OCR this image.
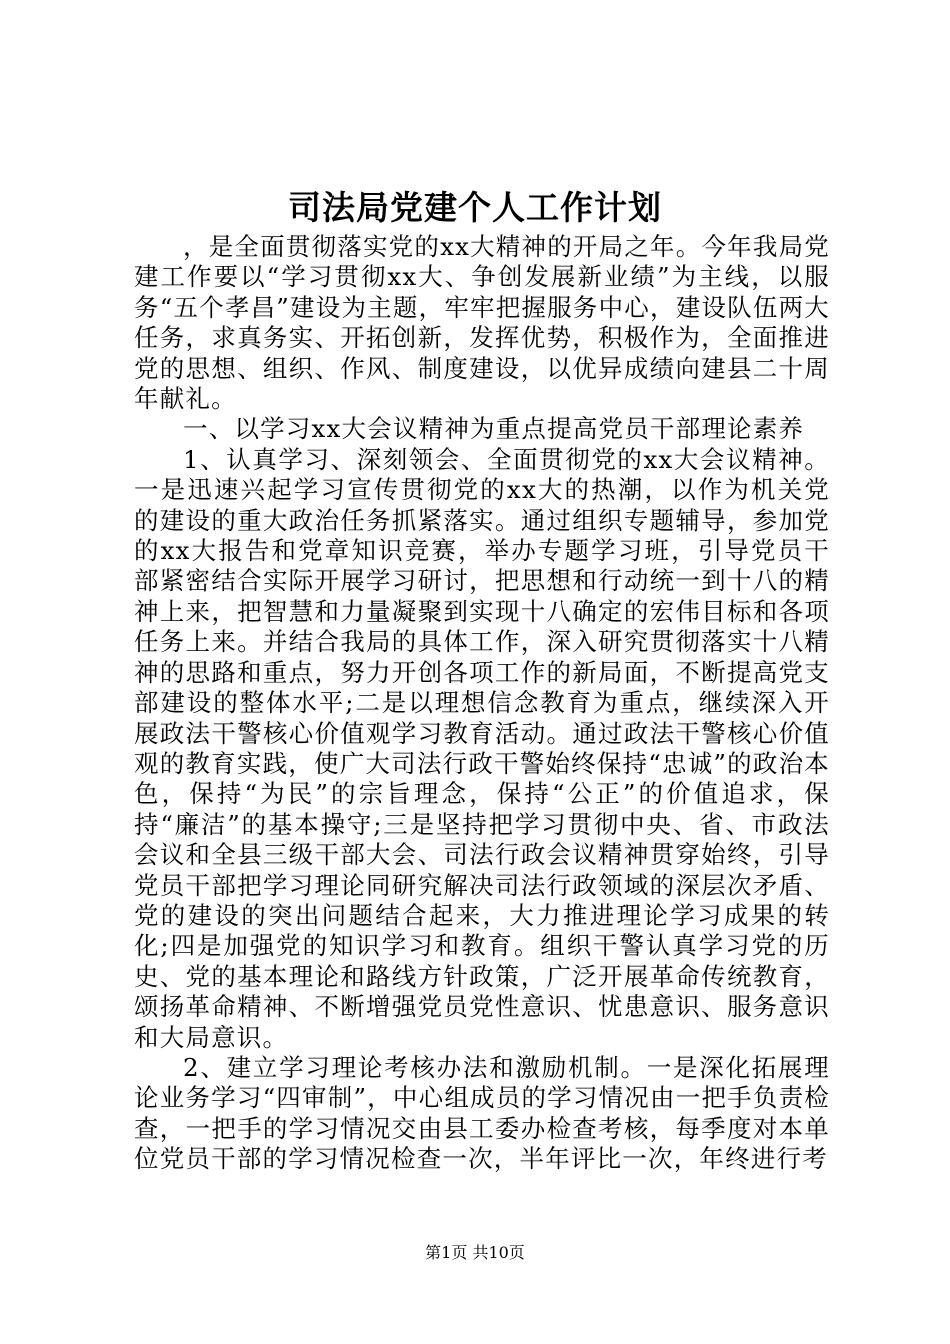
司法局党建个人工作计划

，是全面贯彻落实党的xx大精神的开局之年。今年我局党建工作要以“学习贯彻xx大、争创发展新业绩”为主线，以服务“五个孝昌”建设为主题，牢牢把握服务中心，建设队伍两大任务，求真务实、开拓创新，发挥优势，积极作为，全面推进党的思想、组织、作风、制度建设，以优异成绩向建县二十周年献礼。

一、以学习xx大会议精神为重点提高党员干部理论素养

1、认真学习、深刻领会、全面贯彻党的xx大会议精神。一是迅速兴起学习宣传贯彻党的xx大的热潮，以作为机关党的建设的重大政治任务抓紧落实。通过组织专题辅导，参加党的xx大报告和党章知识竞赛，举办专题学习班，引导党员干部紧密结合实际开展学习研讨，把思想和行动统一到十八的精神上来，把智慧和力量凝聚到实现十八确定的宏伟目标和各项任务上来。并结合我局的具体工作，深入研究贯彻落实十八精神的思路和重点，努力开创各项工作的新局面，不断提高党支部建设的整体水平;二是以理想信念教育为重点，继续深入开展政法干警核心价值观学习教育活动。通过政法干警核心价值观的教育实践，使广大司法行政干警始终保持“忠诚”的政治本色，保持“为民”的宗旨理念，保持“公正”的价值追求，保持“廉洁”的基本操守;三是坚持把学习贯彻中央、省、市政法会议和全县三级干部大会、司法行政会议精神贯穿始终，引导党员干部把学习理论同研究解决司法行政领域的深层次矛盾、党的建设的突出问题结合起来，大力推进理论学习成果的转化;四是加强党的知识学习和教育。组织干警认真学习党的历史、党的基本理论和路线方针政策，广泛开展革命传统教育，颂扬革命精神、不断增强党员党性意识、忧患意识、服务意识和大局意识。

2、建立学习理论考核办法和激励机制。一是深化拓展理论业务学习“四审制”，中心组成员的学习情况由一把手负责检查，一把手的学习情况交由县工委办检查考核，每季度对本单位党员干部的学习情况检查一次，半年评比一次，年终进行考

第1页 共10页
